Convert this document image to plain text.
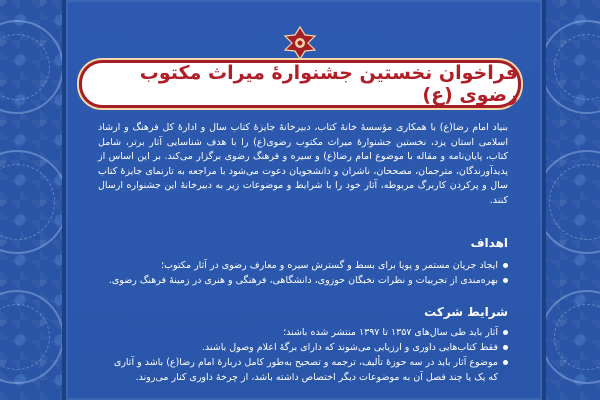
فراخوان نخستین جشنوارهٔ میراث مکتوب رضوی (ع)
بنیاد امام رضا(ع) با همکاری مؤسسهٔ خانهٔ کتاب، دبیرخانهٔ جایزهٔ کتاب سال و ادارهٔ کل فرهنگ و ارشاد اسلامی استان یزد، نخستین جشنوارهٔ میراث مکتوب رضوی(ع) را با هدف شناسایی آثار برتر، شامل کتاب، پایان‌نامه و مقاله با موضوع امام رضا(ع) و سیره و فرهنگ رضوی برگزار می‌کند. بر این اساس از پدیدآورندگان، مترجمان، مصححان، ناشران و دانشجویان دعوت می‌شود با مراجعه به تارنمای جایزهٔ کتاب سال و پرکردن کاربرگ مربوطه، آثار خود را با شرایط و موضوعات زیر به دبیرخانهٔ این جشنواره ارسال کنند.
اهداف
ایجاد جریان مستمر و پویا برای بسط و گسترش سیره و معارف رضوی در آثار مکتوب؛
بهره‌مندی از تجربیات و نظرات نخبگان حوزوی، دانشگاهی، فرهنگی و هنری در زمینهٔ فرهنگ رضوی.
شرایط شرکت
آثار باید طی سال‌های ۱۳۵۷ تا ۱۳۹۷ منتشر شده باشند؛
فقط کتاب‌هایی داوری و ارزیابی می‌شوند که دارای برگهٔ اعلام وصول باشند.
موضوع آثار باید در سه حوزهٔ تألیف، ترجمه و تصحیح به‌طور کامل دربارهٔ امام رضا(ع) باشد و آثاری که یک یا چند فصل آن به موضوعات دیگر اختصاص داشته باشد، از چرخهٔ داوری کنار می‌روند.
